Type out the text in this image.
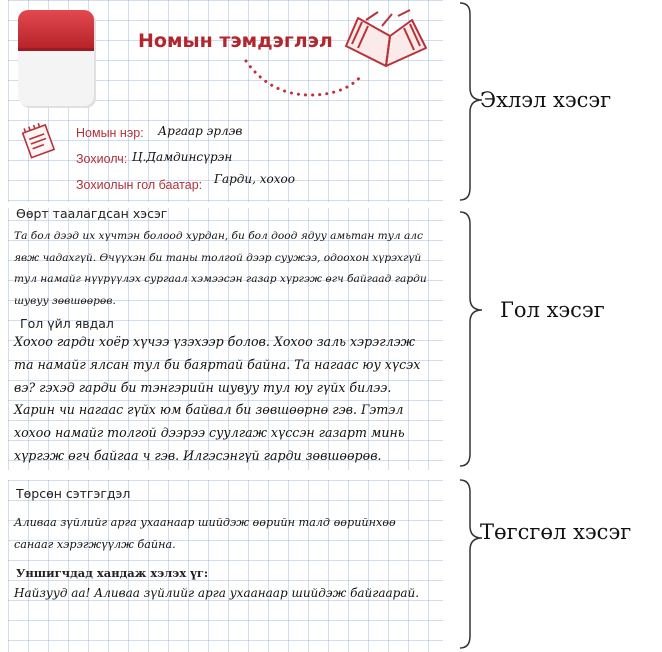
Номын тэмдэглэл
Номын нэр: Аргаар эрлэв
Зохиолч: Ц.Дамдинсүрэн
Зохиолын гол баатар: Гарди, хохоо
Өөрт таалагдсан хэсэг
Та бол дээд их хүчтэн болоод хурдан, би бол доод ядуу амьтан тул алс явж чадахгүй. Өчүүхэн би таны толгой дээр суужээ, одоохон хүрэхгүй тул намайг нүүрүүлэх сургаал хэмээсэн газар хүргэж өгч байгаад гарди шувуу зөвшөөрөв.
Гол үйл явдал
Хохоо гарди хоёр хүчээ үзэхээр болов. Хохоо заль хэрэглэж та намайг ялсан тул би баяртай байна. Та нагаас юу хүсэх вэ? гэхэд гарди би тэнгэрийн шувуу тул юу гүйх билээ. Харин чи нагаас гүйх юм байвал би зөвшөөрнө гэв. Гэтэл хохоо намайг толгой дээрээ суулгаж хүссэн газарт минь хүргэж өгч байгаа ч гэв. Илгэсэнгүй гарди зөвшөөрөв.
Төрсөн сэтгэгдэл
Аливаа зүйлийг арга ухаанаар шийдэж өөрийн талд өөрийнхөө санааг хэрэгжүүлж байна.
Уншигчдад хандаж хэлэх үг:
Найзууд аа! Аливаа зүйлийг арга ухаанаар шийдэж байгаарай.
Эхлэл хэсэг
Гол хэсэг
Төгсгөл хэсэг
